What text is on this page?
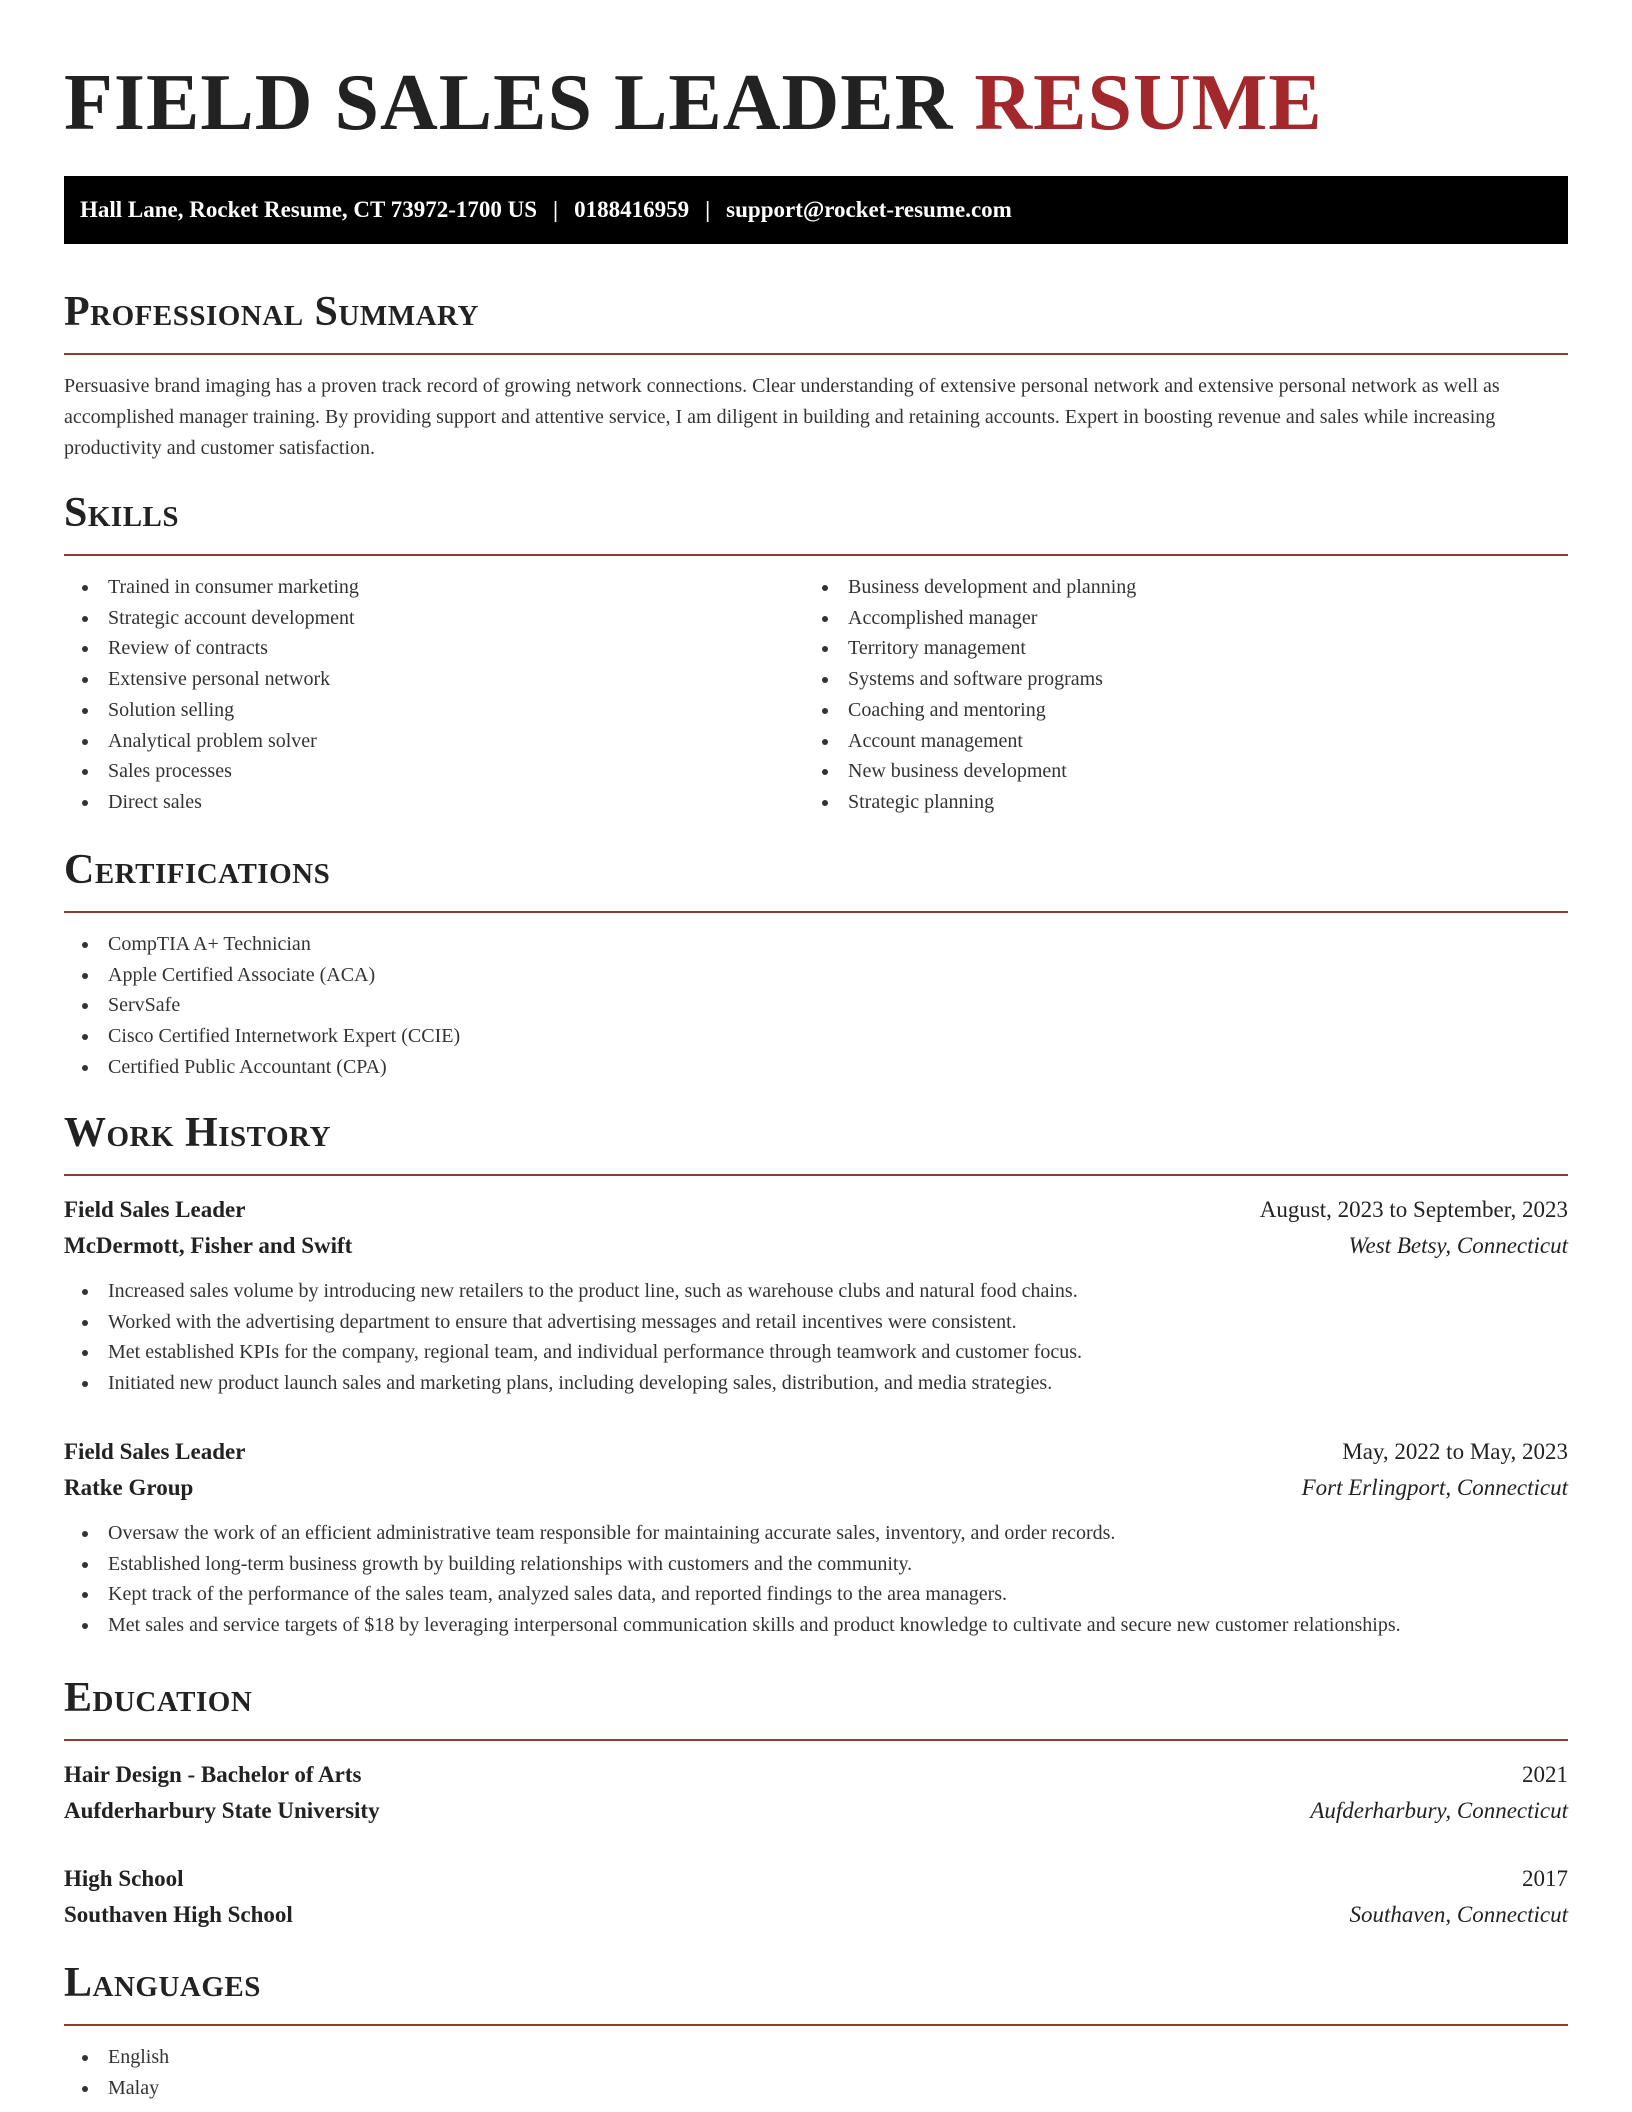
FIELD SALES LEADER RESUME
Hall Lane, Rocket Resume, CT 73972-1700 US | 0188416959 | support@rocket-resume.com
Professional Summary

Persuasive brand imaging has a proven track record of growing network connections. Clear understanding of extensive personal network and extensive personal network as well as accomplished manager training. By providing support and attentive service, I am diligent in building and retaining accounts. Expert in boosting revenue and sales while increasing productivity and customer satisfaction.

Skills
Trained in consumer marketing
Strategic account development
Review of contracts
Extensive personal network
Solution selling
Analytical problem solver
Sales processes
Direct sales
Business development and planning
Accomplished manager
Territory management
Systems and software programs
Coaching and mentoring
Account management
New business development
Strategic planning
Certifications
CompTIA A+ Technician
Apple Certified Associate (ACA)
ServSafe
Cisco Certified Internetwork Expert (CCIE)
Certified Public Accountant (CPA)
Work History
Field Sales Leader	August, 2023 to September, 2023
McDermott, Fisher and Swift	West Betsy, Connecticut
Increased sales volume by introducing new retailers to the product line, such as warehouse clubs and natural food chains.
Worked with the advertising department to ensure that advertising messages and retail incentives were consistent.
Met established KPIs for the company, regional team, and individual performance through teamwork and customer focus.
Initiated new product launch sales and marketing plans, including developing sales, distribution, and media strategies.
Field Sales Leader	May, 2022 to May, 2023
Ratke Group	Fort Erlingport, Connecticut
Oversaw the work of an efficient administrative team responsible for maintaining accurate sales, inventory, and order records.
Established long-term business growth by building relationships with customers and the community.
Kept track of the performance of the sales team, analyzed sales data, and reported findings to the area managers.
Met sales and service targets of $18 by leveraging interpersonal communication skills and product knowledge to cultivate and secure new customer relationships.
Education
Hair Design - Bachelor of Arts	2021
Aufderharbury State University	Aufderharbury, Connecticut
High School	2017
Southaven High School	Southaven, Connecticut
Languages
English
Malay
